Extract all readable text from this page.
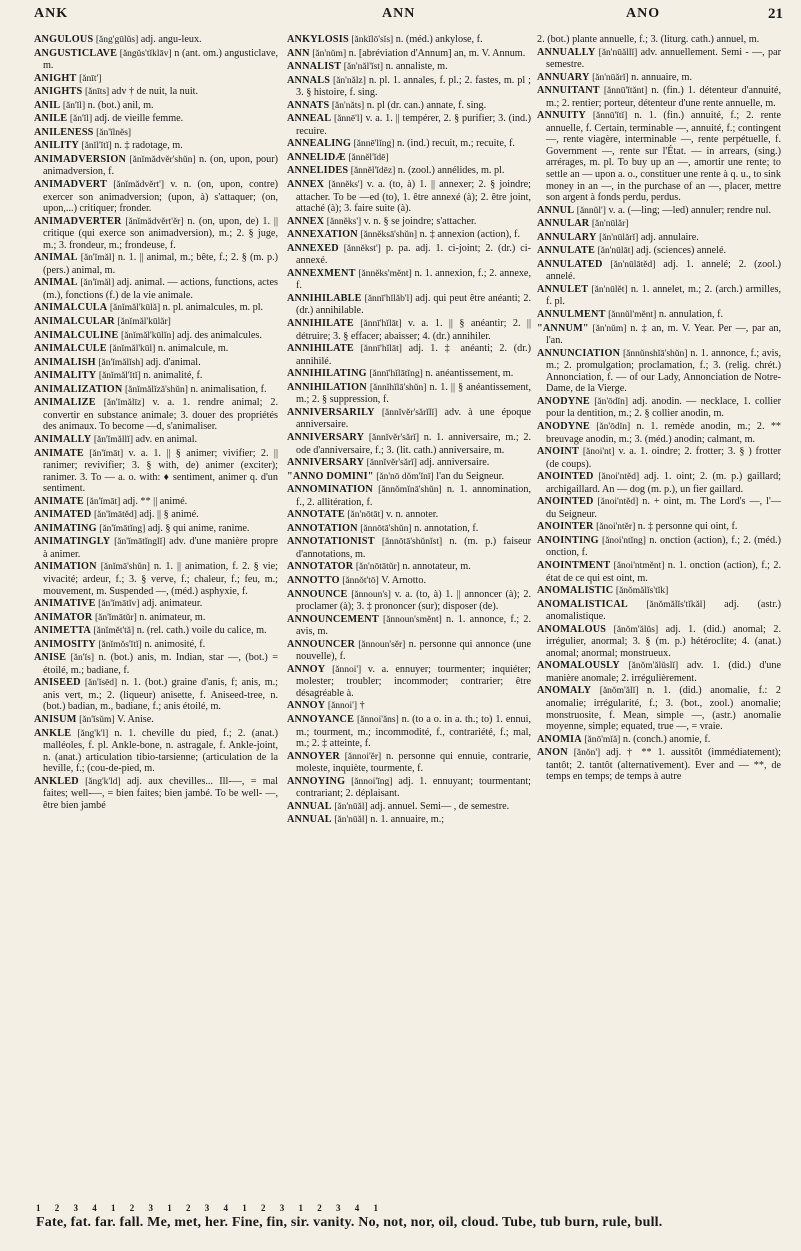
ANK	ANN	ANO	21
ANGULOUS [ăng'gūlŭs] adj. angu-leux.
ANGUSTICLAVE [ăngŭs'tĭklāv] n (ant. om.) angusticlave, m.
ANIGHT [ănīt']
ANIGHTS [ănīts] adv † de nuit, la nuit.
ANIL [ăn'ĭl] n. (bot.) anil, m.
ANILE [ăn'ĭl] adj. de vieille femme.
ANILENESS [ăn'ĭlnĕs]
ANILITY [ănĭl'ĭtĭ] n. ‡ radotage, m.
ANIMADVERSION [ănĭmădvĕr'shŭn] n. (on, upon, pour) animadversion, f.
ANIMADVERT [ănĭmădvĕrt'] v. n. (on, upon, contre) exercer son animadversion; (upon, à) s'attaquer; (on, upon,...) critiquer; fronder.
ANIMADVERTER [ănĭmădvĕrt'ĕr] n. (on, upon, de) 1. || critique (qui exerce son animadversion), m.; 2. § juge, m.; 3. frondeur, m.; frondeuse, f.
ANIMAL [ăn'ĭmăl] n. 1. || animal, m.; bête, f.; 2. § (m. p.) (pers.) animal, m.
ANIMAL [ăn'ĭmăl] adj. animal. — actions, functions, actes (m.), fonctions (f.) de la vie animale.
ANIMALCULA [ănĭmăl'kūlă] n. pl. animalcules, m. pl.
ANIMALCULAR [ănĭmăl'kūlăr]
ANIMALCULINE [ănĭmăl'kūlĭn] adj. des animalcules.
ANIMALCULE [ănĭmăl'kūl] n. animalcule, m.
ANIMALISH [ăn'ĭmălĭsh] adj. d'animal.
ANIMALITY [ănĭmăl'ĭtĭ] n. animalité, f.
ANIMALIZATION [ănĭmălĭză'shŭn] n. animalisation, f.
ANIMALIZE [ăn'ĭmălīz] v. a. 1. rendre animal; 2. convertir en substance animale; 3. douer des propriétés des animaux. To become —d, s'animaliser.
ANIMALLY [ăn'ĭmăllĭ] adv. en animal.
ANIMATE [ăn'ĭmāt] v. a. 1. || § animer; vivifier; 2. || ranimer; revivifier; 3. § with, de) animer (exciter); ranimer. 3. To — a. o. with: ♦ sentiment, animer q. d'un sentiment.
ANIMATE [ăn'ĭmāt] adj. ** || animé.
ANIMATED [ăn'ĭmātĕd] adj. || § animé.
ANIMATING [ăn'ĭmātĭng] adj. § qui anime, ranime.
ANIMATINGLY [ăn'ĭmātĭnglĭ] adv. d'une manière propre à animer.
ANIMATION [ănĭmā'shŭn] n. 1. || animation, f. 2. § vie; vivacité; ardeur, f.; 3. § verve, f.; chaleur, f.; feu, m.; mouvement, m. Suspended —, (méd.) asphyxie, f.
ANIMATIVE [ăn'ĭmātĭv] adj. animateur.
ANIMATOR [ăn'ĭmātŭr] n. animateur, m.
ANIMETTA [ănĭmĕt'tă] n. (rel. cath.) voile du calice, m.
ANIMOSITY [ănĭmŏs'ĭtĭ] n. animosité, f.
ANISE [ăn'ĭs] n. (bot.) anis, m. Indian, star —, (bot.) = étoilé, m.; badiane, f.
ANISEED [ăn'ĭsēd] n. 1. (bot.) graine d'anis, f; anis, m.; anis vert, m.; 2. (liqueur) anisette, f. Aniseed-tree, n. (bot.) badian, m., badiane, f.; anis étoilé, m.
ANISUM [ăn'ĭsŭm] V. Anise.
ANKLE [ăng'k'l] n. 1. cheville du pied, f.; 2. (anat.) malléoles, f. pl. Ankle-bone, n. astragale, f. Ankle-joint, n. (anat.) articulation tibio-tarsienne; (articulation de la heville, f.; (cou-de-pied, m.
ANKLED [ăng'k'ld] adj. aux chevilles... Ill-—, = mal faites; well-—, = bien faites; bien jambé. To be well- —, être bien jambé
ANKYLOSIS [ănkĭlō'sĭs] n. (méd.) ankylose, f.
ANN [ăn'nŭm] n. [abréviation d'Annum] an, m. V. Annum.
ANNALIST [ăn'năl'ĭst] n. annaliste, m.
ANNALS [ăn'nălz] n. pl. 1. annales, f. pl.; 2. fastes, m. pl ; 3. § histoire, f. sing.
ANNATS [ăn'năts] n. pl (dr. can.) annate, f. sing.
ANNEAL [ănnē'l] v. a. 1. || tempérer, 2. § purifier; 3. (ind.) recuire.
ANNEALING [ănnē'lĭng] n. (ind.) recuit, m.; recuite, f.
ANNELIDÆ [ănnĕl'ĭdē]
ANNELIDES [ănnĕl'ĭdēz] n. (zool.) annélides, m. pl.
ANNEX [ănnĕks'] v. a. (to, à) 1. || annexer; 2. § joindre; attacher. To be —ed (to), 1. être annexé (à); 2. être joint, attaché (à); 3. faire suite (à).
ANNEX [ănnĕks'] v. n. § se joindre; s'attacher.
ANNEXATION [ănnĕksā'shŭn] n. ‡ annexion (action), f.
ANNEXED [ănnĕkst'] p. pa. adj. 1. ci-joint; 2. (dr.) ci-annexé.
ANNEXMENT [ănnĕks'mĕnt] n. 1. annexion, f.; 2. annexe, f.
ANNIHILABLE [ănnī'hĭlăb'l] adj. qui peut être anéanti; 2. (dr.) annihilable.
ANNIHILATE [ănnī'hĭlāt] v. a. 1. || § anéantir; 2. || détruire; 3. § effacer; abaisser; 4. (dr.) annihiler.
ANNIHILATE [ănnī'hĭlāt] adj. 1. ‡ anéanti; 2. (dr.) annihilé.
ANNIHILATING [ănnī'hĭlātĭng] n. anéantissement, m.
ANNIHILATION [ănnĭhĭlā'shŭn] n. 1. || § anéantissement, m.; 2. § suppression, f.
ANNIVERSARILY [ănnĭvĕr'sărĭlĭ] adv. à une époque anniversaire.
ANNIVERSARY [ănnĭvĕr'sărĭ] n. 1. anniversaire, m.; 2. ode d'anniversaire, f.; 3. (lit. cath.) anniversaire, m.
ANNIVERSARY [ănnĭvĕr'sărĭ] adj. anniversaire.
"ANNO DOMINI" [ăn'nō dŏm'ĭnī] l'an du Seigneur.
ANNOMINATION [ănnŏmĭnā'shŭn] n. 1. annomination, f., 2. allitération, f.
ANNOTATE [ăn'nōtāt] v. n. annoter.
ANNOTATION [ănnōtā'shŭn] n. annotation, f.
ANNOTATIONIST [ănnōtā'shŭnĭst] n. (m. p.) faiseur d'annotations, m.
ANNOTATOR [ăn'nōtātŭr] n. annotateur, m.
ANNOTTO [ănnŏt'tō] V. Arnotto.
ANNOUNCE [ănnoun's] v. a. (to, à) 1. || annoncer (à); 2. proclamer (à); 3. ‡ prononcer (sur); disposer (de).
ANNOUNCEMENT [ănnoun'smĕnt] n. 1. annonce, f.; 2. avis, m.
ANNOUNCER [ănnoun'sĕr] n. personne qui annonce (une nouvelle), f.
ANNOY [ănnoi'] v. a. ennuyer; tourmenter; inquiéter; molester; troubler; incommoder; contrarier; être désagréable à.
ANNOY [ănnoi'] †
ANNOYANCE [ănnoi'ăns] n. (to a o. in a. th.; to) 1. ennui, m.; tourment, m.; incommodité, f., contrariété, f.; mal, m.; 2. ‡ atteinte, f.
ANNOYER [ănnoi'ĕr] n. personne qui ennuie, contrarie, moleste, inquiète, tourmente, f.
ANNOYING [ănnoi'ĭng] adj. 1. ennuyant; tourmentant; contrariant; 2. déplaisant.
ANNUAL [ăn'nūăl] adj. annuel. Semi— , de semestre.
ANNUAL [ăn'nūăl] n. 1. annuaire, m.;
2. (bot.) plante annuelle, f.; 3. (liturg. cath.) annuel, m.
ANNUALLY [ăn'nūăllĭ] adv. annuellement. Semi - —, par semestre.
ANNUARY [ăn'nūărĭ] n. annuaire, m.
ANNUITANT [ănnū'ĭtănt] n. (fin.) 1. détenteur d'annuité, m.; 2. rentier; porteur, détenteur d'une rente annuelle, m.
ANNUITY [ănnū'ĭtĭ] n. 1. (fin.) annuité, f.; 2. rente annuelle, f. Certain, terminable —, annuité, f.; contingent —, rente viagère, interminable —, rente perpétuelle, f. Government —, rente sur l'État. — in arrears, (sing.) arrérages, m. pl. To buy up an —, amortir une rente; to settle an — upon a. o., constituer une rente à q. u., to sink money in an —, in the purchase of an —, placer, mettre son argent à fonds perdu, perdus.
ANNUL [ănnŭl'] v. a. (—ling; —led) annuler; rendre nul.
ANNULAR [ăn'nūlăr]
ANNULARY [ăn'nūlărĭ] adj. annulaire.
ANNULATE [ăn'nūlāt] adj. (sciences) annelé.
ANNULATED [ăn'nūlātĕd] adj. 1. annelé; 2. (zool.) annelé.
ANNULET [ăn'nūlĕt] n. 1. annelet, m.; 2. (arch.) armilles, f. pl.
ANNULMENT [ănnŭl'mĕnt] n. annulation, f.
"ANNUM" [ăn'nŭm] n. ‡ an, m. V. Year. Per —, par an, l'an.
ANNUNCIATION [ănnŭnshĭā'shŭn] n. 1. annonce, f.; avis, m.; 2. promulgation; proclamation, f.; 3. (relig. chrét.) Annonciation, f. — of our Lady, Annonciation de Notre-Dame, de la Vierge.
ANODYNE [ăn'ōdĭn] adj. anodin. — necklace, 1. collier pour la dentition, m.; 2. § collier anodin, m.
ANODYNE [ăn'ōdĭn] n. 1. remède anodin, m.; 2. ** breuvage anodin, m.; 3. (méd.) anodin; calmant, m.
ANOINT [ănoi'nt] v. a. 1. oindre; 2. frotter; 3. § ) frotter (de coups).
ANOINTED [ănoi'ntĕd] adj. 1. oint; 2. (m. p.) gaillard; archigaillard. An — dog (m. p.), un fier gaillard.
ANOINTED [ănoi'ntĕd] n. + oint, m. The Lord's —, l'— du Seigneur.
ANOINTER [ănoi'ntĕr] n. ‡ personne qui oint, f.
ANOINTING [ănoi'ntĭng] n. onction (action), f.; 2. (méd.) onction, f.
ANOINTMENT [ănoi'ntmĕnt] n. 1. onction (action), f.; 2. état de ce qui est oint, m.
ANOMALISTIC [ănŏmălĭs'tĭk]
ANOMALISTICAL [ănŏmălĭs'tĭkăl] adj. (astr.) anomalistique.
ANOMALOUS [ănŏm'ălŭs] adj. 1. (did.) anomal; 2. irrégulier, anormal; 3. § (m. p.) hétéroclite; 4. (anat.) anomal; anormal; monstrueux.
ANOMALOUSLY [ănŏm'ălŭslĭ] adv. 1. (did.) d'une manière anomale; 2. irrégulièrement.
ANOMALY [ănŏm'ălĭ] n. 1. (did.) anomalie, f.: 2 anomalie; irrégularité, f.; 3. (bot., zool.) anomalie; monstruosite, f. Mean, simple —, (astr.) anomalie moyenne, simple; equated, true —, = vraie.
ANOMIA [ănō'mĭă] n. (conch.) anomie, f.
ANON [ănŏn'] adj. † ** 1. aussitôt (immédiatement); tantôt; 2. tantôt (alternativement). Ever and — **, de temps en temps; de temps à autre
1 2 3 4 1 2 3 1 2 3 4 1 2 3 1 2 3 4 1
Fate, fat. far. fall. Me, met, her. Fine, fin, sir. vanity. No, not, nor, oil, cloud. Tube, tub burn, rule, bull.
